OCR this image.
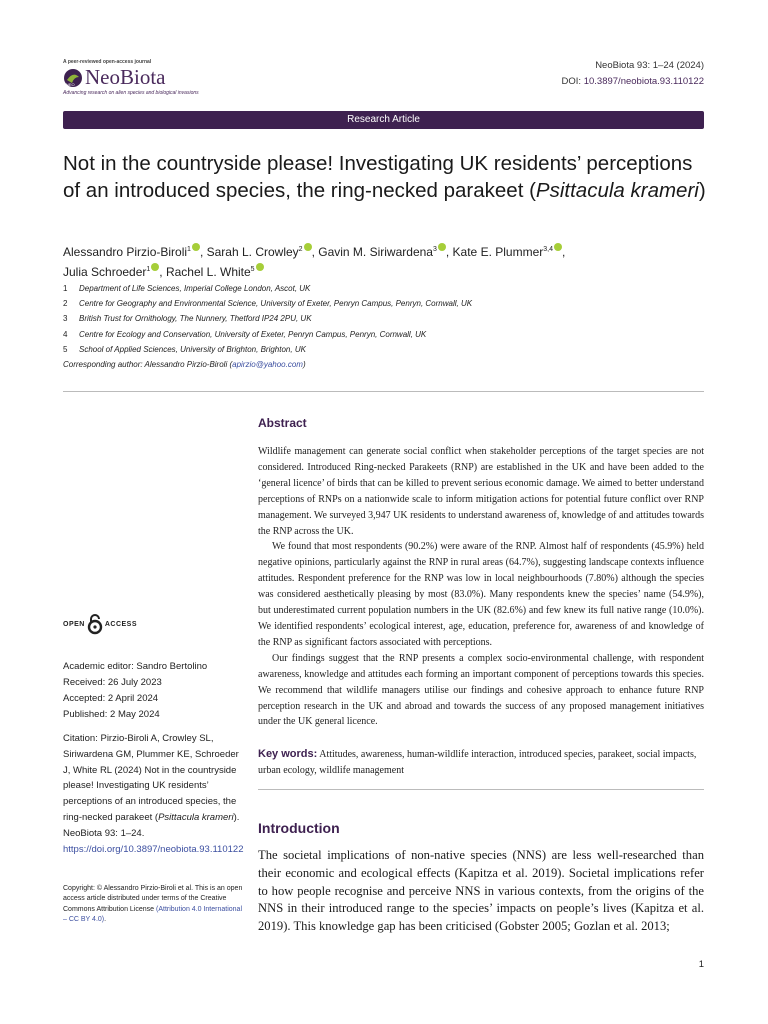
A peer-reviewed open-access journal
NEO NeoBiota
Advancing research on alien species and biological invasions
NeoBiota 93: 1–24 (2024)
DOI: 10.3897/neobiota.93.110122
Research Article
Not in the countryside please! Investigating UK residents’ perceptions of an introduced species, the ring-necked parakeet (Psittacula krameri)
Alessandro Pirzio-Biroli$^1$ , Sarah L. Crowley$^2$ , Gavin M. Siriwardena$^3$ , Kate E. Plummer$^{3,4}$ ,
Julia Schroeder$^1$ , Rachel L. White$^5$
1 Department of Life Sciences, Imperial College London, Ascot, UK
2 Centre for Geography and Environmental Science, University of Exeter, Penryn Campus, Penryn, Cornwall, UK
3 British Trust for Ornithology, The Nunnery, Thetford IP24 2PU, UK
4 Centre for Ecology and Conservation, University of Exeter, Penryn Campus, Penryn, Cornwall, UK
5 School of Applied Sciences, University of Brighton, Brighton, UK
Corresponding author: Alessandro Pirzio-Biroli (apirzio@yahoo.com)
OPEN	ACCESS
Academic editor: Sandro Bertolino
Received: 26 July 2023
Accepted: 2 April 2024
Published: 2 May 2024
Citation: Pirzio-Biroli A, Crowley SL, Siriwardena GM, Plummer KE, Schroeder J, White RL (2024) Not in the countryside please! Investigating UK residents’ perceptions of an introduced species, the ring-necked parakeet (Psittacula krameri). NeoBiota 93: 1–24. https://doi.org/10.3897/neobiota.93.110122
Copyright: © Alessandro Pirzio-Biroli et al. This is an open access article distributed under terms of the Creative Commons Attribution License (Attribution 4.0 International – CC BY 4.0).
Abstract

Wildlife management can generate social conflict when stakeholder perceptions of the target species are not considered. Introduced Ring-necked Parakeets (RNP) are established in the UK and have been added to the ‘general licence’ of birds that can be killed to prevent serious economic damage. We aimed to better understand perceptions of RNPs on a nationwide scale to inform mitigation actions for potential future conflict over RNP management. We surveyed 3,947 UK residents to understand awareness of, knowledge of and attitudes towards the RNP across the UK.

We found that most respondents (90.2%) were aware of the RNP. Almost half of respondents (45.9%) held negative opinions, particularly against the RNP in rural areas (64.7%), suggesting landscape contexts influence attitudes. Respondent preference for the RNP was low in local neighbourhoods (7.80%) although the species was considered aesthetically pleasing by most (83.0%). Many respondents knew the species’ name (54.9%), but underestimated current population numbers in the UK (82.6%) and few knew its full native range (10.0%). We identified respondents’ ecological interest, age, education, preference for, awareness of and knowledge of the RNP as significant factors associated with perceptions.

Our findings suggest that the RNP presents a complex socio-environmental challenge, with respondent awareness, knowledge and attitudes each forming an important component of perceptions towards this species. We recommend that wildlife managers utilise our findings and cohesive approach to enhance future RNP perception research in the UK and abroad and towards the success of any proposed management initiatives under the UK general licence.

Key words: Attitudes, awareness, human-wildlife interaction, introduced species, parakeet, social impacts, urban ecology, wildlife management
Introduction
The societal implications of non-native species (NNS) are less well-researched than their economic and ecological effects (Kapitza et al. 2019). Societal implications refer to how people recognise and perceive NNS in various contexts, from the origins of the NNS in their introduced range to the species’ impacts on people’s lives (Kapitza et al. 2019). This knowledge gap has been criticised (Gobster 2005; Gozlan et al. 2013;
1
